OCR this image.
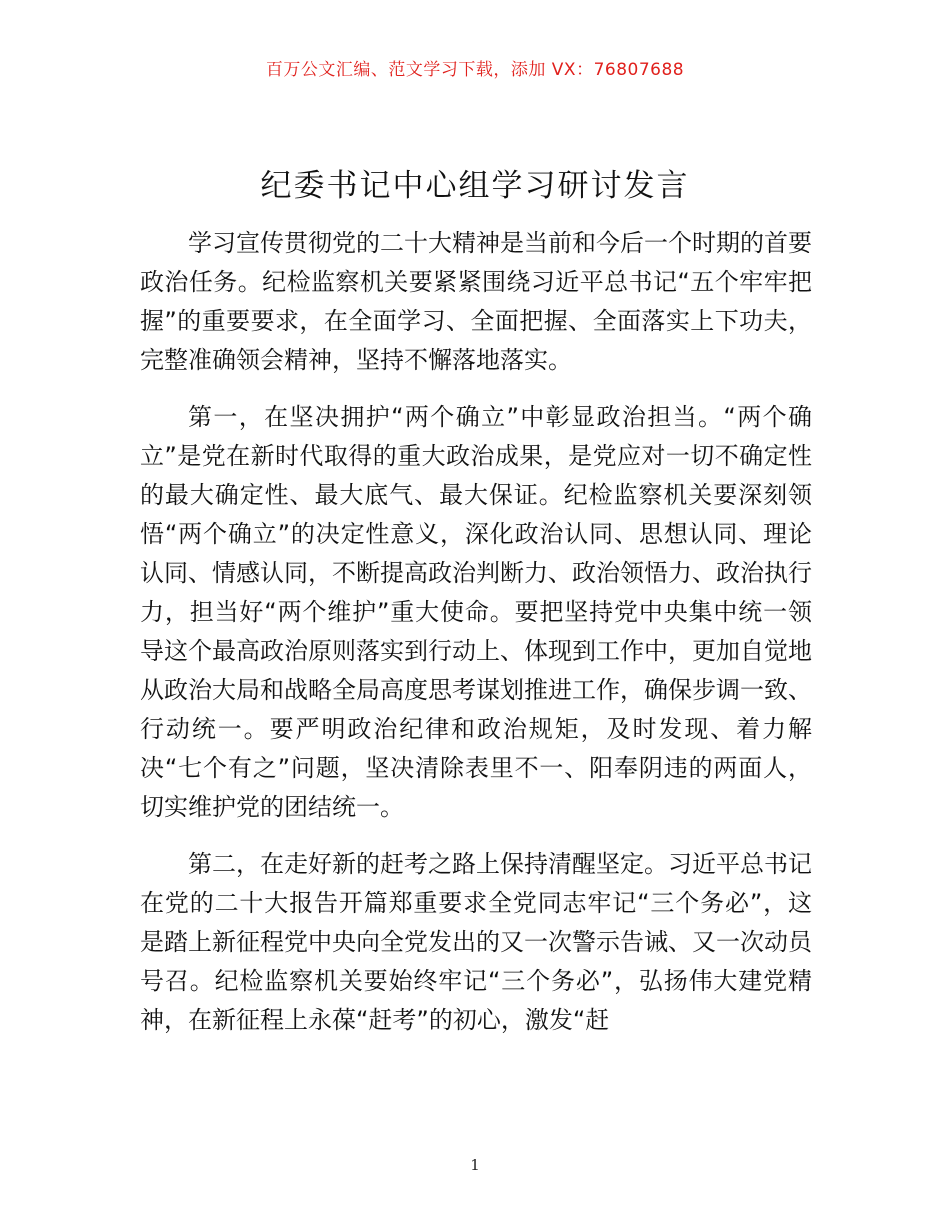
百万公文汇编、范文学习下载，添加 VX：76807688
纪委书记中心组学习研讨发言

学习宣传贯彻党的二十大精神是当前和今后一个时期的首要政治任务。纪检监察机关要紧紧围绕习近平总书记“五个牢牢把握”的重要要求，在全面学习、全面把握、全面落实上下功夫，完整准确领会精神，坚持不懈落地落实。

第一，在坚决拥护“两个确立”中彰显政治担当。“两个确立”是党在新时代取得的重大政治成果，是党应对一切不确定性的最大确定性、最大底气、最大保证。纪检监察机关要深刻领悟“两个确立”的决定性意义，深化政治认同、思想认同、理论认同、情感认同，不断提高政治判断力、政治领悟力、政治执行力，担当好“两个维护”重大使命。要把坚持党中央集中统一领导这个最高政治原则落实到行动上、体现到工作中，更加自觉地从政治大局和战略全局高度思考谋划推进工作，确保步调一致、行动统一。要严明政治纪律和政治规矩，及时发现、着力解决“七个有之”问题，坚决清除表里不一、阳奉阴违的两面人，切实维护党的团结统一。

第二，在走好新的赶考之路上保持清醒坚定。习近平总书记在党的二十大报告开篇郑重要求全党同志牢记“三个务必”，这是踏上新征程党中央向全党发出的又一次警示告诫、又一次动员号召。纪检监察机关要始终牢记“三个务必”，弘扬伟大建党精神，在新征程上永葆“赶考”的初心，激发“赶

1
